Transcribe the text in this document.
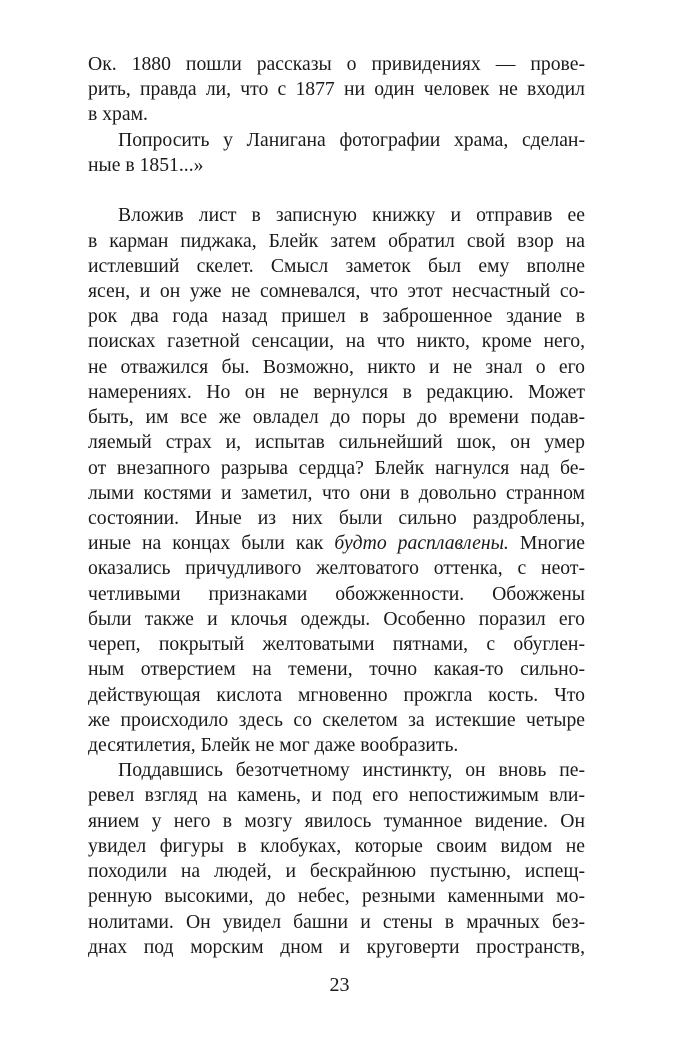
Ок. 1880 пошли рассказы о привидениях — прове-
рить, правда ли, что с 1877 ни один человек не входил
в храм.
Попросить у Ланигана фотографии храма, сделан-
ные в 1851...»
Вложив лист в записную книжку и отправив ее
в карман пиджака, Блейк затем обратил свой взор на
истлевший скелет. Смысл заметок был ему вполне
ясен, и он уже не сомневался, что этот несчастный со-
рок два года назад пришел в заброшенное здание в
поисках газетной сенсации, на что никто, кроме него,
не отважился бы. Возможно, никто и не знал о его
намерениях. Но он не вернулся в редакцию. Может
быть, им все же овладел до поры до времени подав-
ляемый страх и, испытав сильнейший шок, он умер
от внезапного разрыва сердца? Блейк нагнулся над бе-
лыми костями и заметил, что они в довольно странном
состоянии. Иные из них были сильно раздроблены,
иные на концах были как будто расплавлены. Многие
оказались причудливого желтоватого оттенка, с неот-
четливыми признаками обожженности. Обожжены
были также и клочья одежды. Особенно поразил его
череп, покрытый желтоватыми пятнами, с обуглен-
ным отверстием на темени, точно какая-то сильно-
действующая кислота мгновенно прожгла кость. Что
же происходило здесь со скелетом за истекшие четыре
десятилетия, Блейк не мог даже вообразить.
Поддавшись безотчетному инстинкту, он вновь пе-
ревел взгляд на камень, и под его непостижимым вли-
янием у него в мозгу явилось туманное видение. Он
увидел фигуры в клобуках, которые своим видом не
походили на людей, и бескрайнюю пустыню, испещ-
ренную высокими, до небес, резными каменными мо-
нолитами. Он увидел башни и стены в мрачных без-
днах под морским дном и круговерти пространств,
23
